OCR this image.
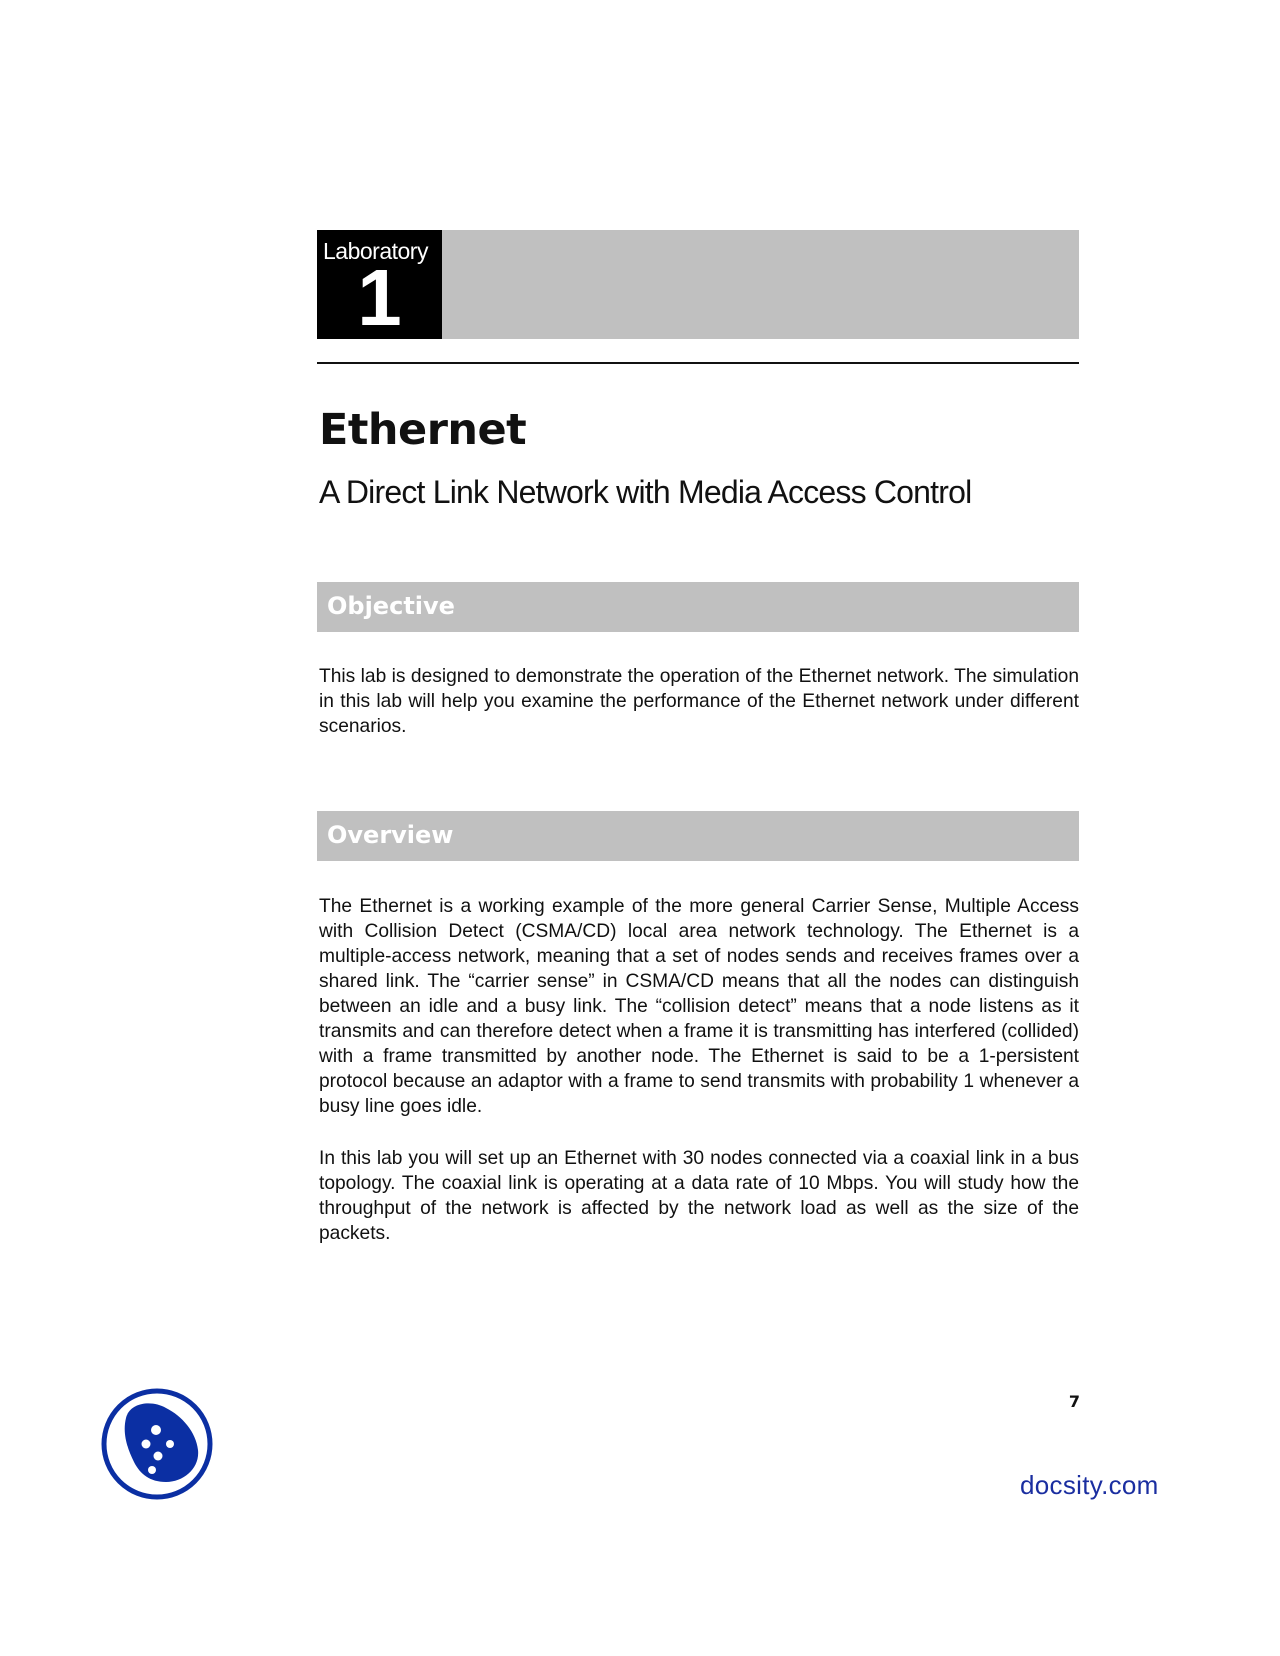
Laboratory
1
Ethernet
A Direct Link Network with Media Access Control
Objective

This lab is designed to demonstrate the operation of the Ethernet network. The simulation in this lab will help you examine the performance of the Ethernet network under different scenarios.

Overview

The Ethernet is a working example of the more general Carrier Sense, Multiple Access with Collision Detect (CSMA/CD) local area network technology. The Ethernet is a multiple-access network, meaning that a set of nodes sends and receives frames over a shared link. The “carrier sense” in CSMA/CD means that all the nodes can distinguish between an idle and a busy link. The “collision detect” means that a node listens as it transmits and can therefore detect when a frame it is transmitting has interfered (collided) with a frame transmitted by another node. The Ethernet is said to be a 1-persistent protocol because an adaptor with a frame to send transmits with probability 1 whenever a busy line goes idle.

In this lab you will set up an Ethernet with 30 nodes connected via a coaxial link in a bus topology. The coaxial link is operating at a data rate of 10 Mbps. You will study how the throughput of the network is affected by the network load as well as the size of the packets.

7
docsity.com
